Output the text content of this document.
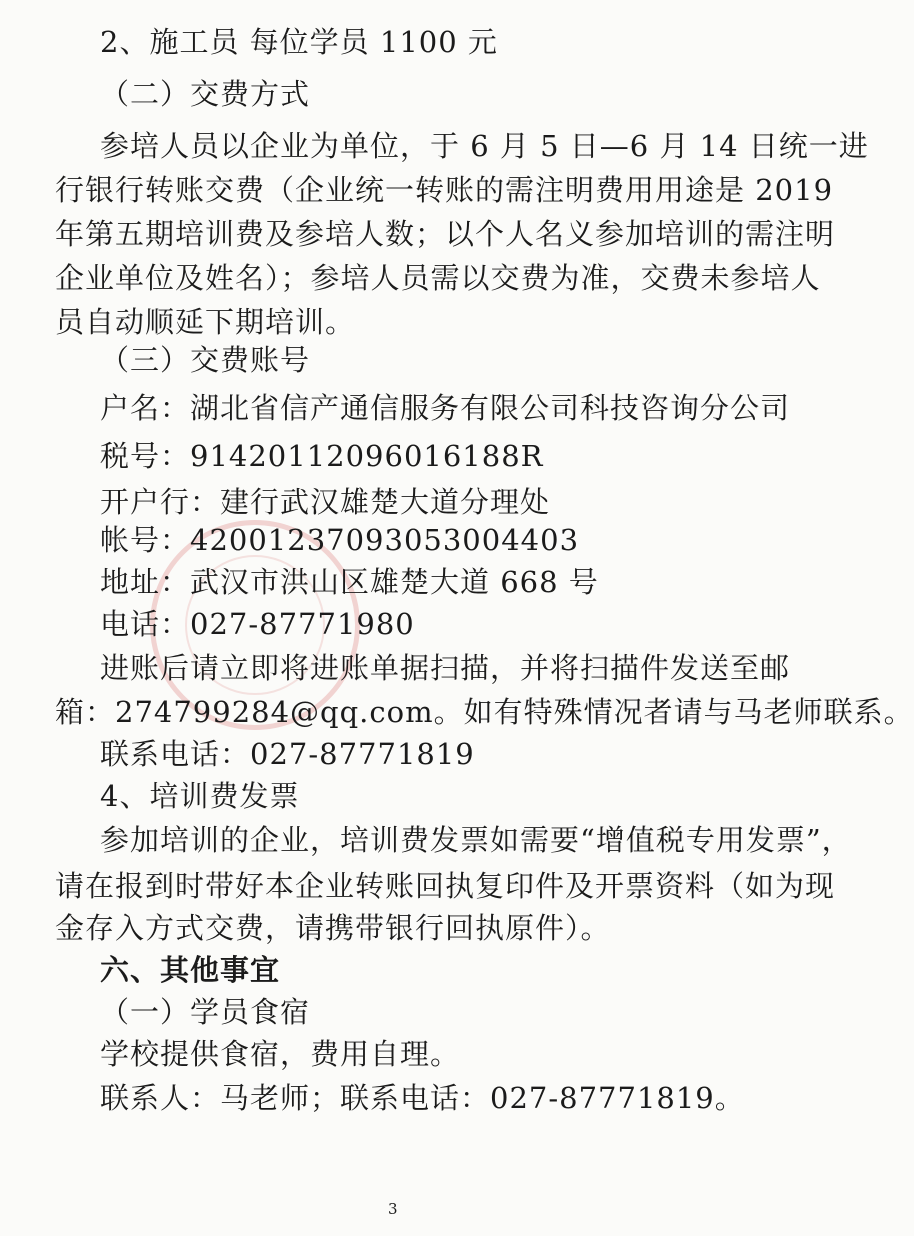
2、施工员 每位学员 1100 元
（二）交费方式
参培人员以企业为单位，于 6 月 5 日—6 月 14 日统一进
行银行转账交费（企业统一转账的需注明费用用途是 2019
年第五期培训费及参培人数；以个人名义参加培训的需注明
企业单位及姓名）；参培人员需以交费为准，交费未参培人
员自动顺延下期培训。
（三）交费账号
户名：湖北省信产通信服务有限公司科技咨询分公司
税号：91420112096016188R
开户行：建行武汉雄楚大道分理处
帐号：42001237093053004403
地址：武汉市洪山区雄楚大道 668 号
电话：027-87771980
进账后请立即将进账单据扫描，并将扫描件发送至邮
箱：274799284@qq.com。如有特殊情况者请与马老师联系。
联系电话：027-87771819
4、培训费发票
参加培训的企业，培训费发票如需要“增值税专用发票”，
请在报到时带好本企业转账回执复印件及开票资料（如为现
金存入方式交费，请携带银行回执原件）。
六、其他事宜
（一）学员食宿
学校提供食宿，费用自理。
联系人：马老师；联系电话：027-87771819。
3
